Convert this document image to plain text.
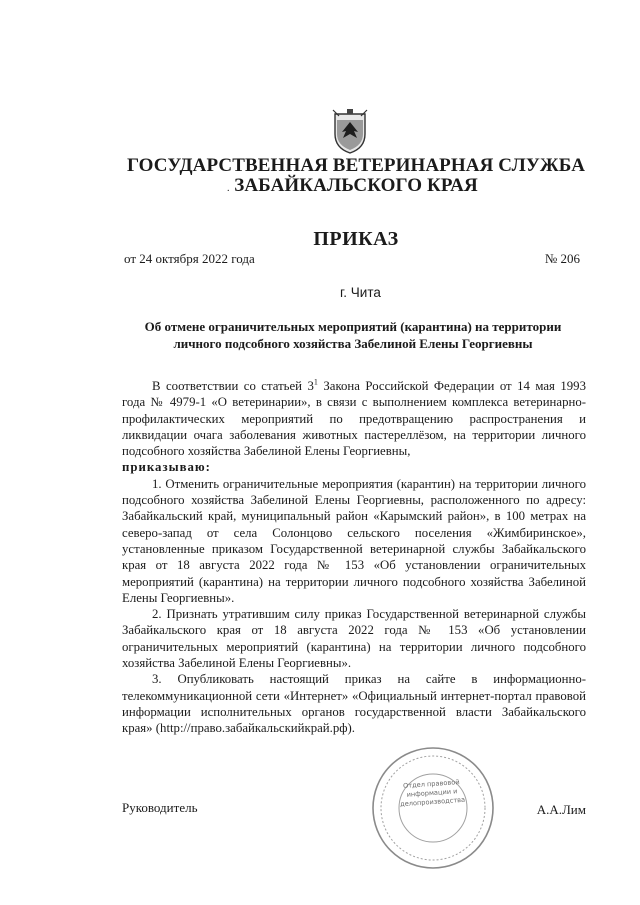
ГОСУДАРСТВЕННАЯ ВЕТЕРИНАРНАЯ СЛУЖБА
ЗАБАЙКАЛЬСКОГО КРАЯ
.
ПРИКАЗ
от 24 октября 2022 года	№ 206
г. Чита
Об отмене ограничительных мероприятий (карантина) на территории личного подсобного хозяйства Забелиной Елены Георгиевны

В соответствии со статьей $3^1$ Закона Российской Федерации от 14 мая 1993 года № 4979-1 «О ветеринарии», в связи с выполнением комплекса ветеринарно-профилактических мероприятий по предотвращению распространения и ликвидации очага заболевания животных пастереллёзом, на территории личного подсобного хозяйства Забелиной Елены Георгиевны,

приказываю:

1. Отменить ограничительные мероприятия (карантин) на территории личного подсобного хозяйства Забелиной Елены Георгиевны, расположенного по адресу: Забайкальский край, муниципальный район «Карымский район», в 100 метрах на северо-запад от села Солонцово сельского поселения «Жимбиринское», установленные приказом Государственной ветеринарной службы Забайкальского края от 18 августа 2022 года № 153 «Об установлении ограничительных мероприятий (карантина) на территории личного подсобного хозяйства Забелиной Елены Георгиевны».

2. Признать утратившим силу приказ Государственной ветеринарной службы Забайкальского края от 18 августа 2022 года № 153 «Об установлении ограничительных мероприятий (карантина) на территории личного подсобного хозяйства Забелиной Елены Георгиевны».

3. Опубликовать настоящий приказ на сайте в информационно-телекоммуникационной сети «Интернет» «Официальный интернет-портал правовой информации исполнительных органов государственной власти Забайкальского края» (http://право.забайкальскийкрай.рф).

Отдел правовой информации и делопроизводства
Руководитель	А.А.Лим
